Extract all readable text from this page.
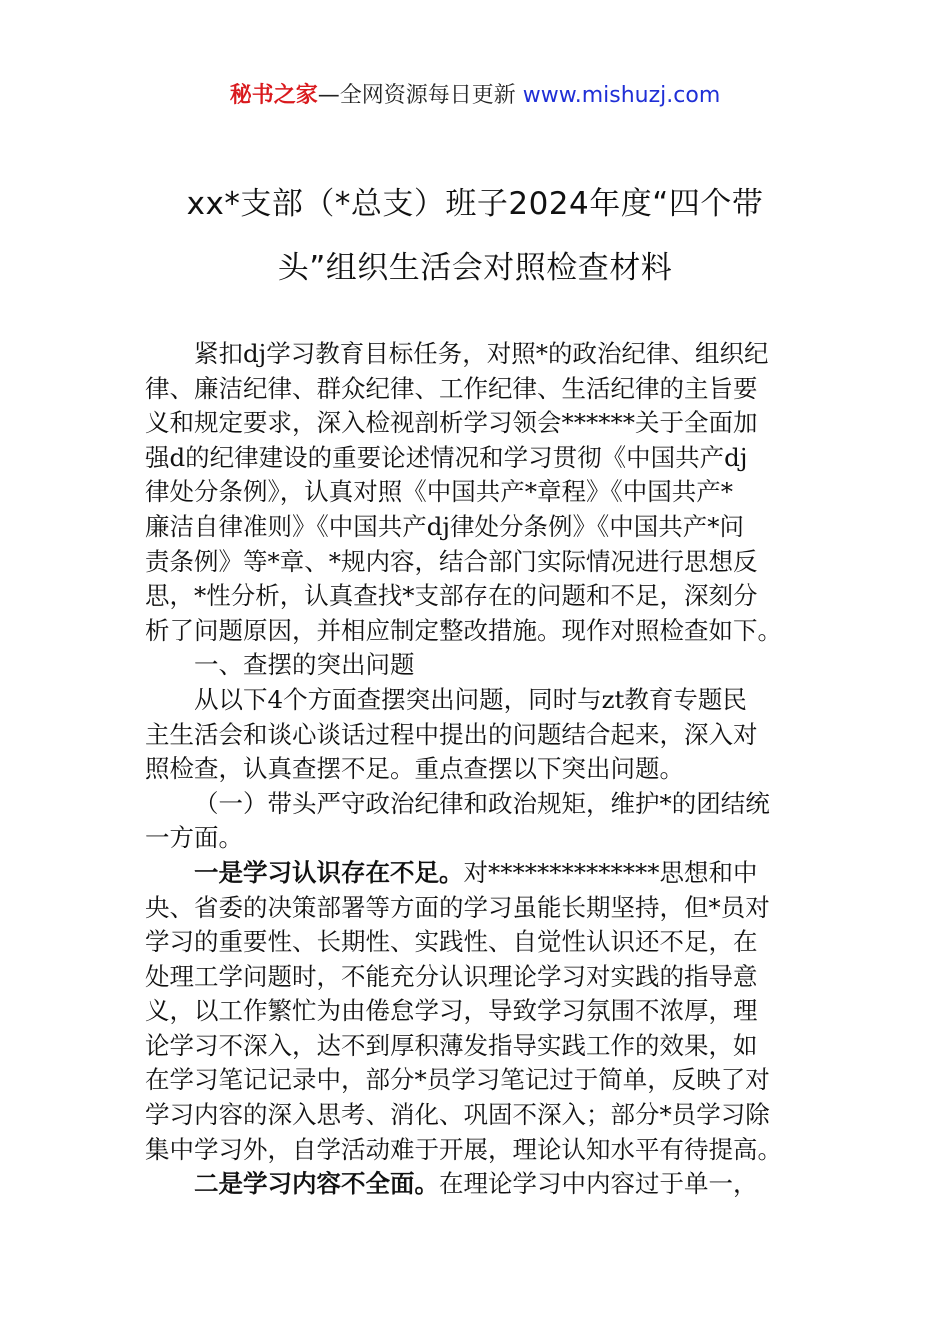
秘书之家—全网资源每日更新 www.mishuzj.com
xx*支部（*总支）班子2024年度“四个带
头”组织生活会对照检查材料
紧扣dj学习教育目标任务，对照*的政治纪律、组织纪
律、廉洁纪律、群众纪律、工作纪律、生活纪律的主旨要
义和规定要求，深入检视剖析学习领会******关于全面加
强d的纪律建设的重要论述情况和学习贯彻《中国共产dj
律处分条例》，认真对照《中国共产*章程》《中国共产*
廉洁自律准则》《中国共产dj律处分条例》《中国共产*问
责条例》等*章、*规内容，结合部门实际情况进行思想反
思，*性分析，认真查找*支部存在的问题和不足，深刻分
析了问题原因，并相应制定整改措施。现作对照检查如下。
一、查摆的突出问题
从以下4个方面查摆突出问题，同时与zt教育专题民
主生活会和谈心谈话过程中提出的问题结合起来，深入对
照检查，认真查摆不足。重点查摆以下突出问题。
（一）带头严守政治纪律和政治规矩，维护*的团结统
一方面。
一是学习认识存在不足。对**************思想和中
央、省委的决策部署等方面的学习虽能长期坚持，但*员对
学习的重要性、长期性、实践性、自觉性认识还不足，在
处理工学问题时，不能充分认识理论学习对实践的指导意
义，以工作繁忙为由倦怠学习，导致学习氛围不浓厚，理
论学习不深入，达不到厚积薄发指导实践工作的效果，如
在学习笔记记录中，部分*员学习笔记过于简单，反映了对
学习内容的深入思考、消化、巩固不深入；部分*员学习除
集中学习外，自学活动难于开展，理论认知水平有待提高。
二是学习内容不全面。在理论学习中内容过于单一，
